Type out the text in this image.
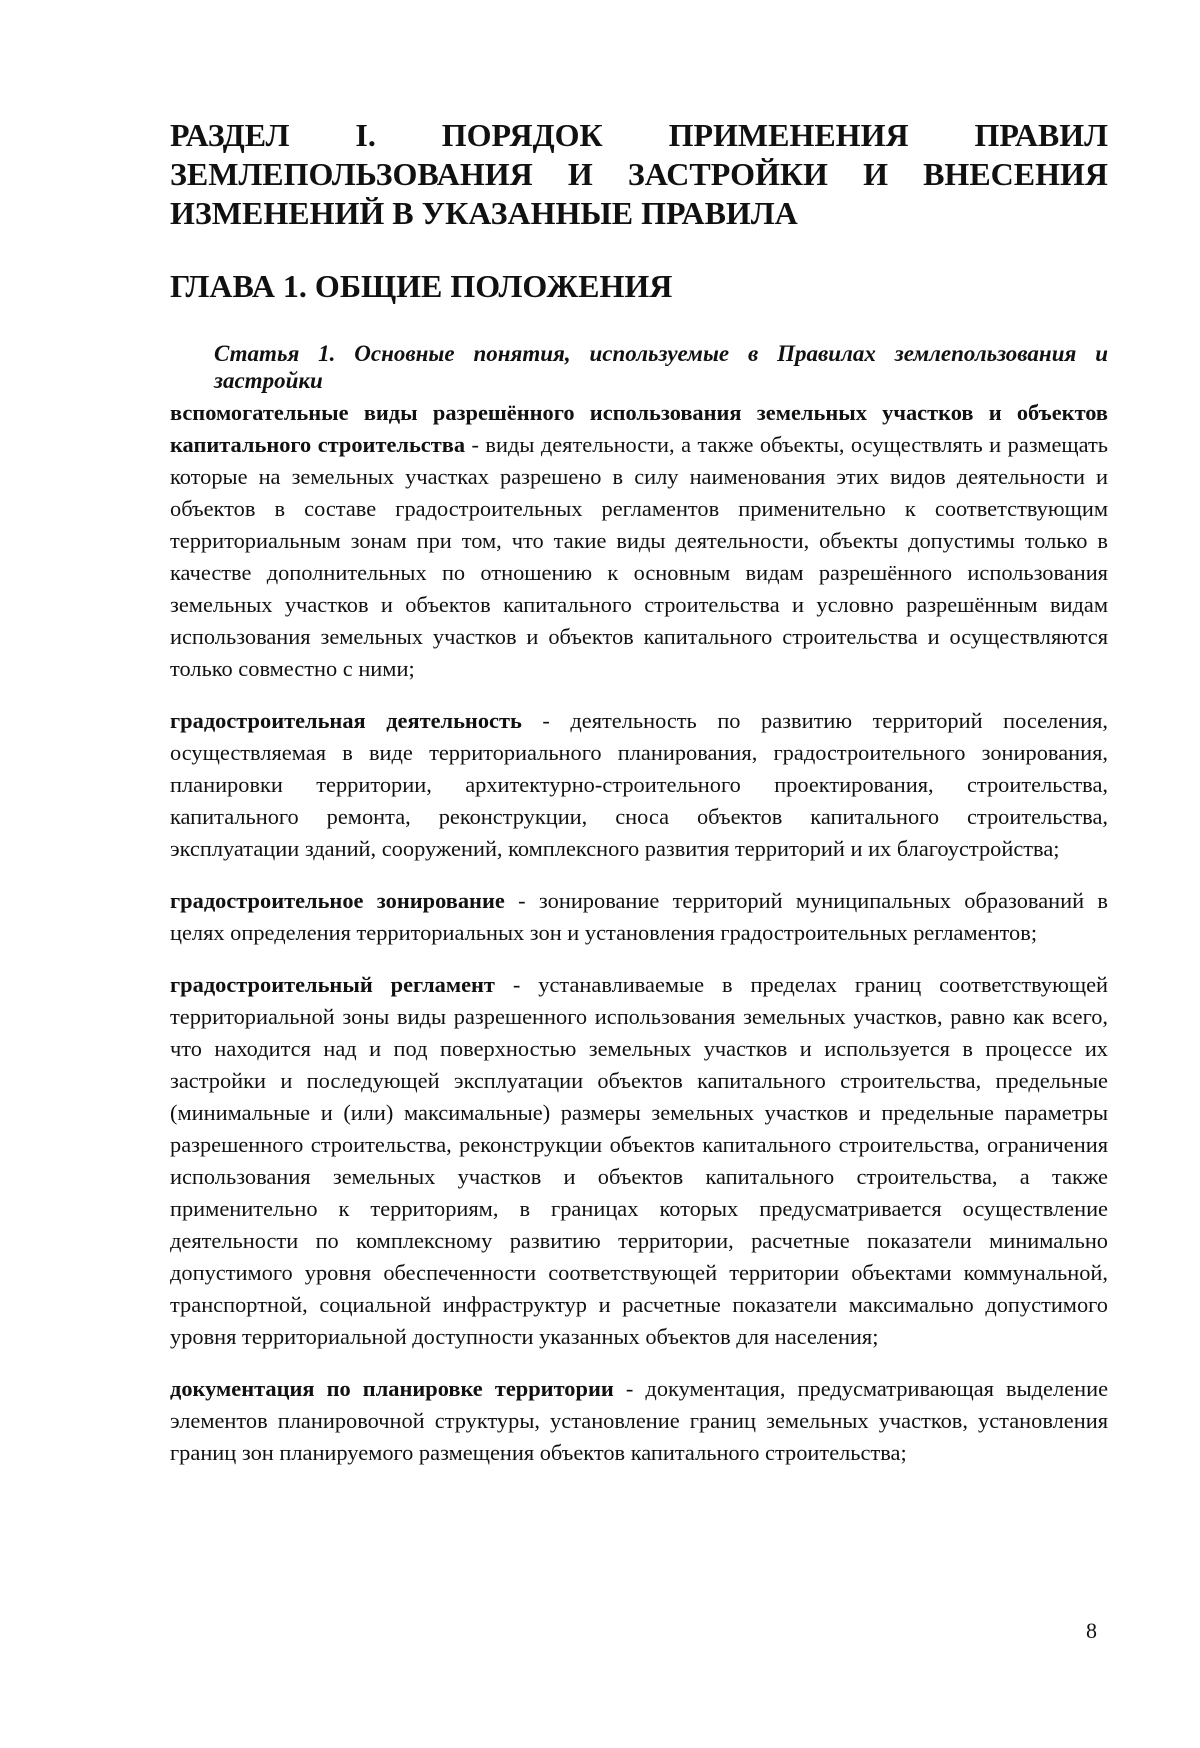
РАЗДЕЛ I. ПОРЯДОК ПРИМЕНЕНИЯ ПРАВИЛ ЗЕМЛЕПОЛЬЗОВАНИЯ И ЗАСТРОЙКИ И ВНЕСЕНИЯ ИЗМЕНЕНИЙ В УКАЗАННЫЕ ПРАВИЛА
ГЛАВА 1. ОБЩИЕ ПОЛОЖЕНИЯ
Статья 1. Основные понятия, используемые в Правилах землепользования и застройки

вспомогательные виды разрешённого использования земельных участков и объектов капитального строительства - виды деятельности, а также объекты, осуществлять и размещать которые на земельных участках разрешено в силу наименования этих видов деятельности и объектов в составе градостроительных регламентов применительно к соответствующим территориальным зонам при том, что такие виды деятельности, объекты допустимы только в качестве дополнительных по отношению к основным видам разрешённого использования земельных участков и объектов капитального строительства и условно разрешённым видам использования земельных участков и объектов капитального строительства и осуществляются только совместно с ними;

градостроительная деятельность - деятельность по развитию территорий поселения, осуществляемая в виде территориального планирования, градостроительного зонирования, планировки территории, архитектурно-строительного проектирования, строительства, капитального ремонта, реконструкции, сноса объектов капитального строительства, эксплуатации зданий, сооружений, комплексного развития территорий и их благоустройства;

градостроительное зонирование - зонирование территорий муниципальных образований в целях определения территориальных зон и установления градостроительных регламентов;

градостроительный регламент - устанавливаемые в пределах границ соответствующей территориальной зоны виды разрешенного использования земельных участков, равно как всего, что находится над и под поверхностью земельных участков и используется в процессе их застройки и последующей эксплуатации объектов капитального строительства, предельные (минимальные и (или) максимальные) размеры земельных участков и предельные параметры разрешенного строительства, реконструкции объектов капитального строительства, ограничения использования земельных участков и объектов капитального строительства, а также применительно к территориям, в границах которых предусматривается осуществление деятельности по комплексному развитию территории, расчетные показатели минимально допустимого уровня обеспеченности соответствующей территории объектами коммунальной, транспортной, социальной инфраструктур и расчетные показатели максимально допустимого уровня территориальной доступности указанных объектов для населения;

документация по планировке территории - документация, предусматривающая выделение элементов планировочной структуры, установление границ земельных участков, установления границ зон планируемого размещения объектов капитального строительства;

8
